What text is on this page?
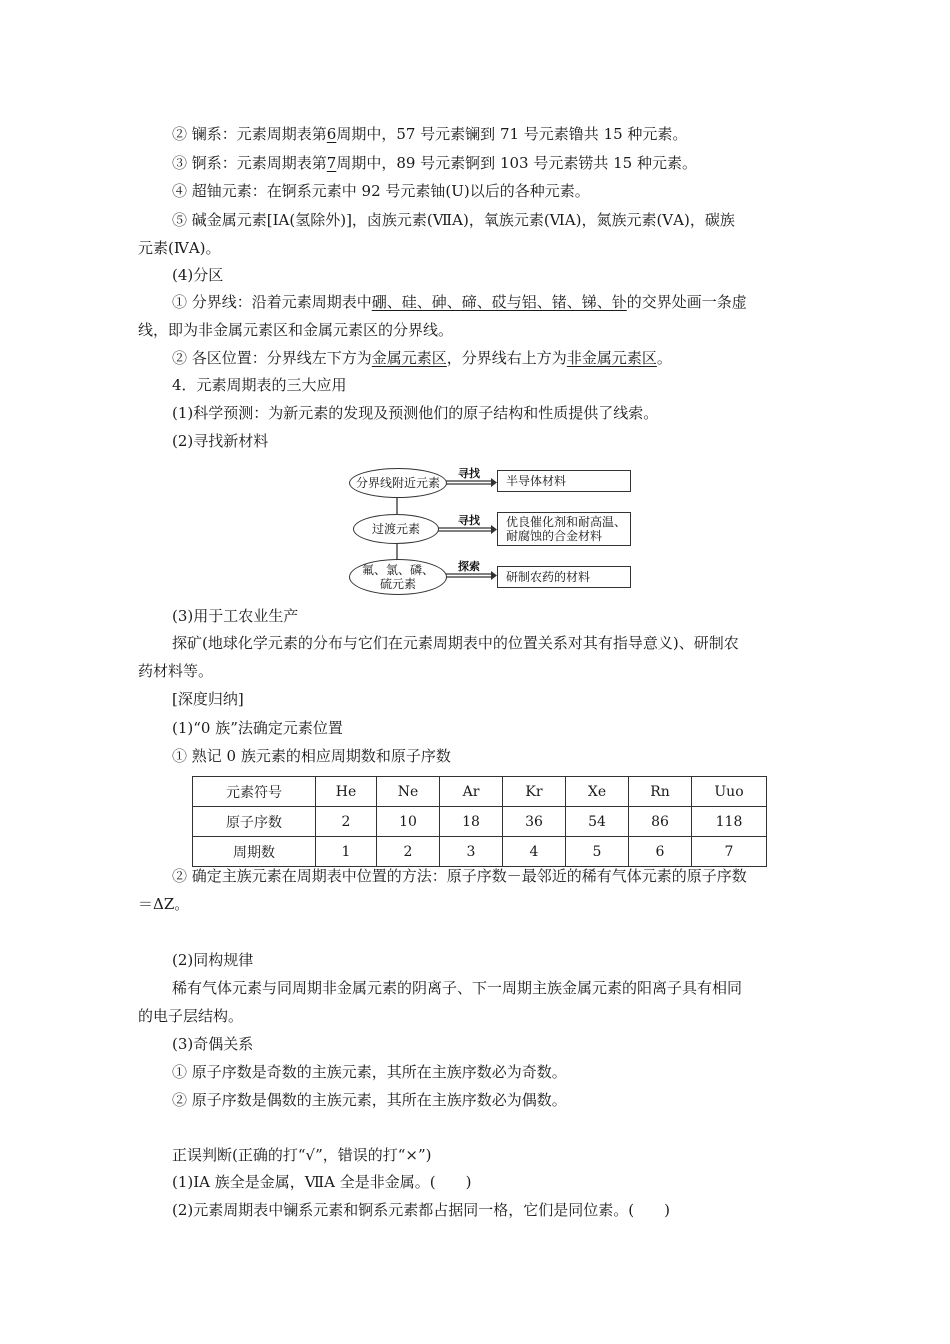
② 镧系：元素周期表第6周期中，57 号元素镧到 71 号元素镥共 15 种元素。
③ 锕系：元素周期表第7周期中，89 号元素锕到 103 号元素铹共 15 种元素。
④ 超铀元素：在锕系元素中 92 号元素铀(U)以后的各种元素。
⑤ 碱金属元素[ⅠA(氢除外)]，卤族元素(ⅦA)，氧族元素(ⅥA)，氮族元素(ⅤA)，碳族
元素(ⅣA)。
(4)分区
① 分界线：沿着元素周期表中硼、硅、砷、碲、砹与铝、锗、锑、钋的交界处画一条虚
线，即为非金属元素区和金属元素区的分界线。
② 各区位置：分界线左下方为金属元素区，分界线右上方为非金属元素区。
4．元素周期表的三大应用
(1)科学预测：为新元素的发现及预测他们的原子结构和性质提供了线索。
(2)寻找新材料
分界线附近元素
过渡元素
氟、氯、磷、
硫元素
寻找
寻找
探索
半导体材料
优良催化剂和耐高温、
耐腐蚀的合金材料
研制农药的材料
(3)用于工农业生产
探矿(地球化学元素的分布与它们在元素周期表中的位置关系对其有指导意义)、研制农
药材料等。
[深度归纳]
(1)“0 族”法确定元素位置
① 熟记 0 族元素的相应周期数和原子序数
元素符号	He	Ne	Ar	Kr	Xe	Rn	Uuo
原子序数	2	10	18	36	54	86	118
周期数	1	2	3	4	5	6	7
② 确定主族元素在周期表中位置的方法：原子序数－最邻近的稀有气体元素的原子序数
＝ΔZ。
(2)同构规律
稀有气体元素与同周期非金属元素的阴离子、下一周期主族金属元素的阳离子具有相同
的电子层结构。
(3)奇偶关系
① 原子序数是奇数的主族元素，其所在主族序数必为奇数。
② 原子序数是偶数的主族元素，其所在主族序数必为偶数。
正误判断(正确的打“√”，错误的打“×”)
(1)ⅠA 族全是金属，ⅦA 全是非金属。(　　)
(2)元素周期表中镧系元素和锕系元素都占据同一格，它们是同位素。(　　)
